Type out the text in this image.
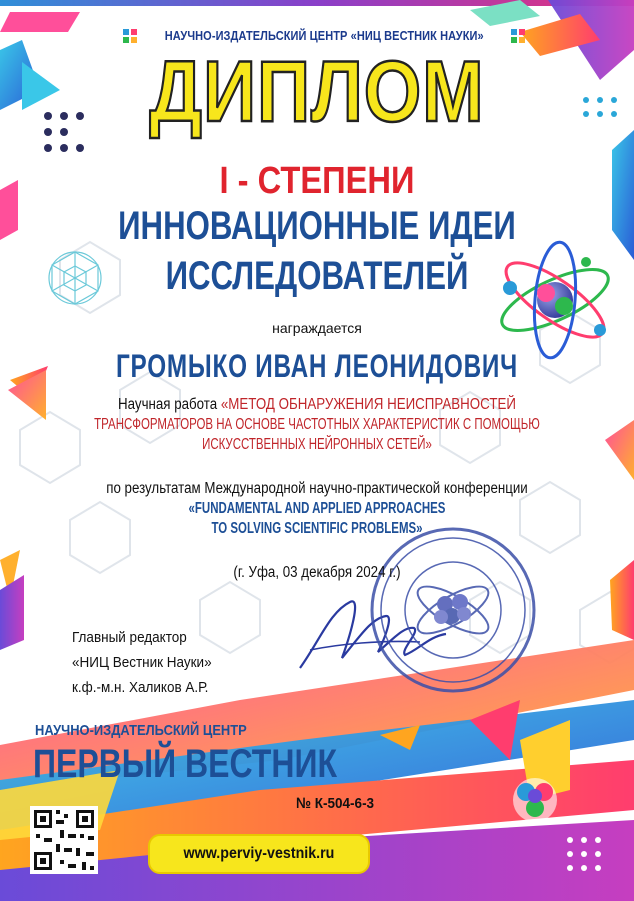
НАУЧНО-ИЗДАТЕЛЬСКИЙ ЦЕНТР «НИЦ ВЕСТНИК НАУКИ»
ДИПЛОМ
I - СТЕПЕНИ
ИННОВАЦИОННЫЕ ИДЕИ
ИССЛЕДОВАТЕЛЕЙ
награждается
ГРОМЫКО ИВАН ЛЕОНИДОВИЧ
Научная работа «МЕТОД ОБНАРУЖЕНИЯ НЕИСПРАВНОСТЕЙ
ТРАНСФОРМАТОРОВ НА ОСНОВЕ ЧАСТОТНЫХ ХАРАКТЕРИСТИК С ПОМОЩЬЮ
ИСКУССТВЕННЫХ НЕЙРОННЫХ СЕТЕЙ»
по результатам Международной научно-практической конференции
«FUNDAMENTAL AND APPLIED APPROACHES
TO SOLVING SCIENTIFIC PROBLEMS»
(г. Уфа, 03 декабря 2024 г.)
Главный редактор
«НИЦ Вестник Науки»
к.ф.-м.н. Халиков А.Р.
НАУЧНО-ИЗДАТЕЛЬСКИЙ ЦЕНТР
ПЕРВЫЙ ВЕСТНИК
№ К-504-6-3
www.perviy-vestnik.ru
